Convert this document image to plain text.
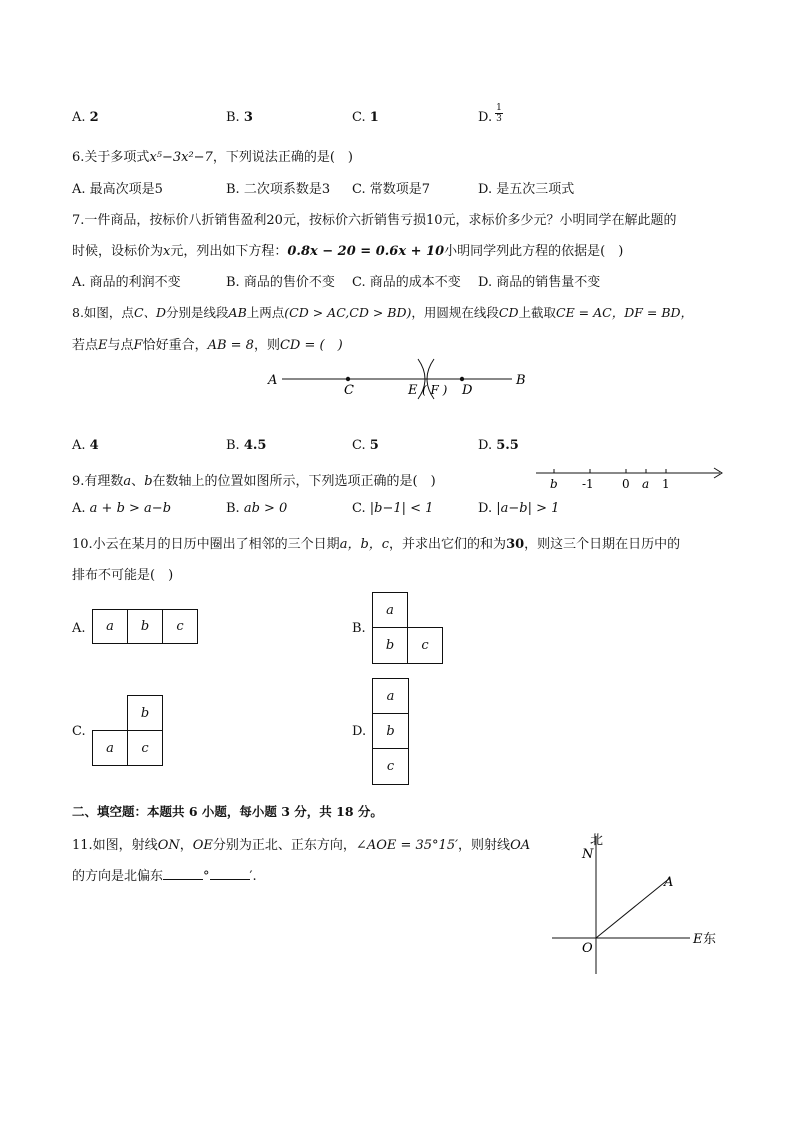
A. 2	B. 3	C. 1	D.
1
3
6.关于多项式x⁵−3x²−7，下列说法正确的是(　)
A. 最高次项是5	B. 二次项系数是3 C. 常数项是7	D. 是五次三项式
7.一件商品，按标价八折销售盈利20元，按标价六折销售亏损10元，求标价多少元？小明同学在解此题的
时候，设标价为x元，列出如下方程：0.8x − 20 = 0.6x + 10小明同学列此方程的依据是(　)
A. 商品的利润不变	B. 商品的售价不变 C. 商品的成本不变 D. 商品的销售量不变
8.如图，点C、D分别是线段AB上两点(CD > AC,CD > BD)，用圆规在线段CD上截取CE = AC，DF = BD，
若点E与点F恰好重合，AB = 8，则CD = (　)
A
C	E ( F ) D
B
A. 4	B. 4.5	C. 5	D. 5.5
9.有理数a、b在数轴上的位置如图所示，下列选项正确的是(　)	b -1 0 a 1
A. a + b > a−b	B. ab > 0	C. |b−1| < 1	D. |a−b| > 1
10.小云在某月的日历中圈出了相邻的三个日期a，b，c，并求出它们的和为30，则这三个日期在日历中的
排布不可能是(　)
A.	a	b	c	B.
a
b	c
C.
b
a	c
D.
a
b
c
二、填空题：本题共 6 小题，每小题 3 分，共 18 分。
11.如图，射线ON，OE分别为正北、正东方向，∠AOE = 35°15′，则射线OA
的方向是北偏东	°	′.
北
N
A
O
E 东
